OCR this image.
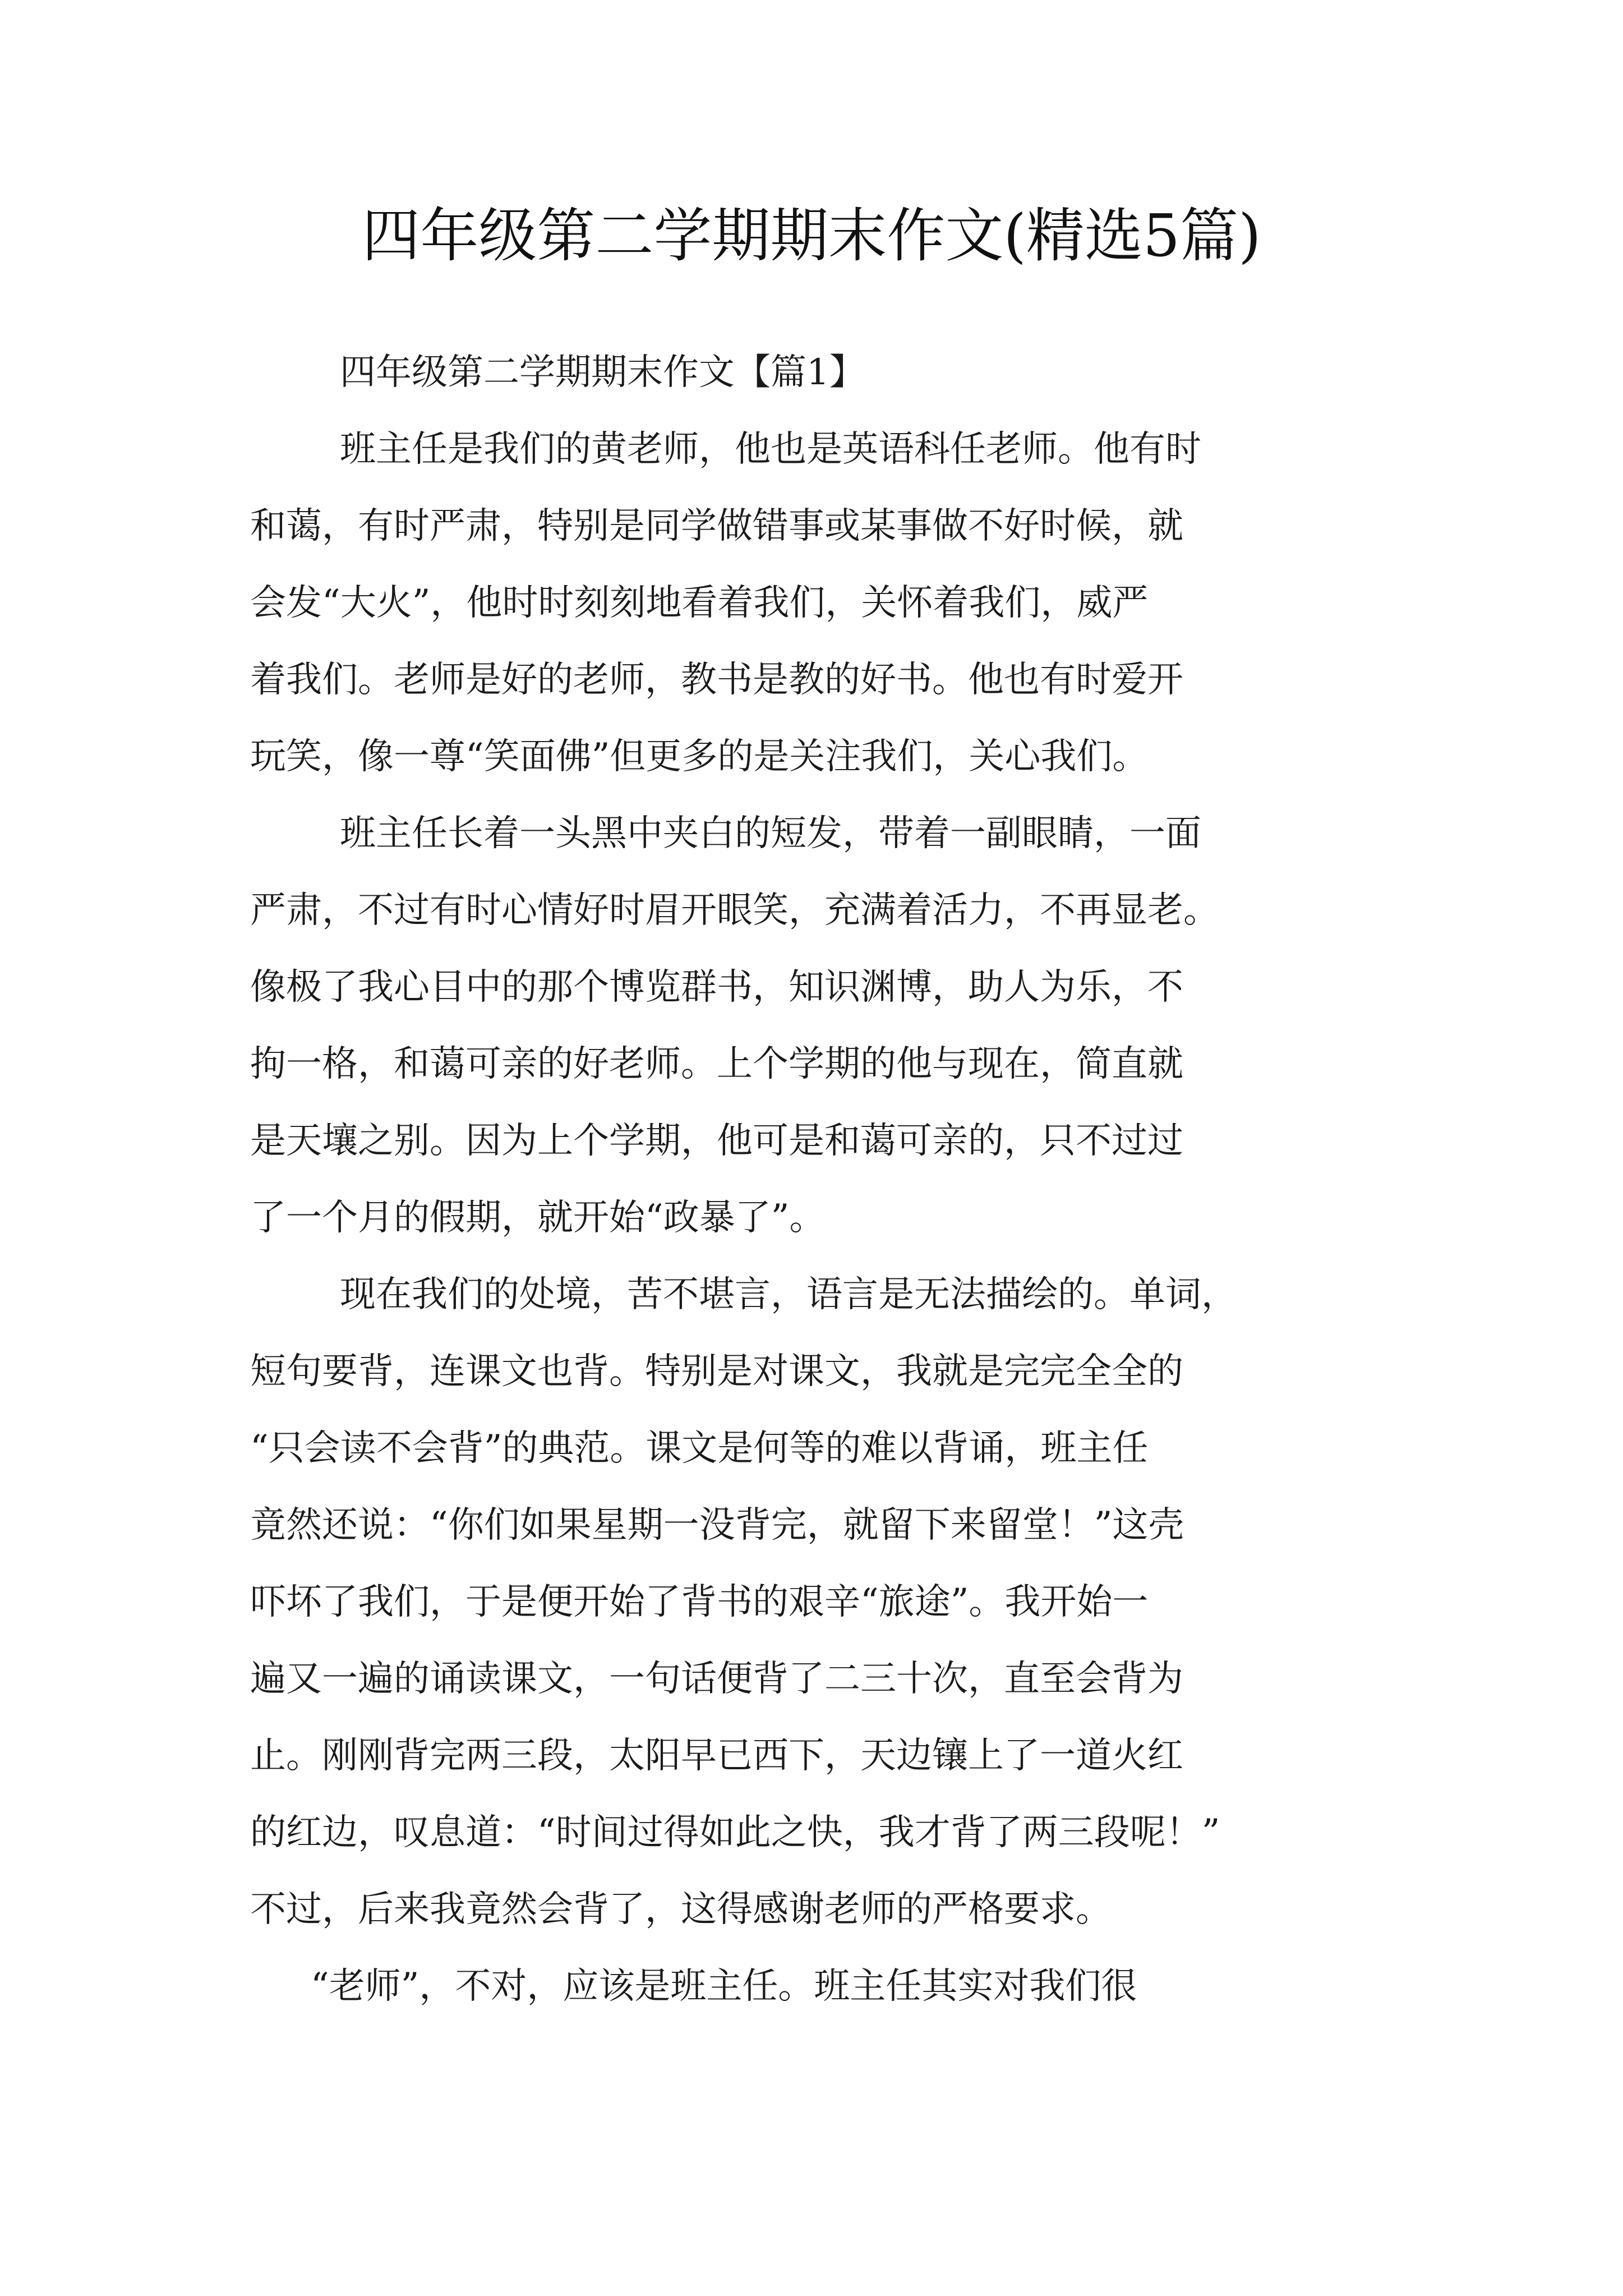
四年级第二学期期末作文(精选5篇)
四年级第二学期期末作文【篇1】
班主任是我们的黄老师，他也是英语科任老师。他有时
和蔼，有时严肃，特别是同学做错事或某事做不好时候，就
会发“大火”，他时时刻刻地看着我们，关怀着我们，威严
着我们。老师是好的老师，教书是教的好书。他也有时爱开
玩笑，像一尊“笑面佛”但更多的是关注我们，关心我们。
班主任长着一头黑中夹白的短发，带着一副眼睛，一面
严肃，不过有时心情好时眉开眼笑，充满着活力，不再显老。
像极了我心目中的那个博览群书，知识渊博，助人为乐，不
拘一格，和蔼可亲的好老师。上个学期的他与现在，简直就
是天壤之别。因为上个学期，他可是和蔼可亲的，只不过过
了一个月的假期，就开始“政暴了”。
现在我们的处境，苦不堪言，语言是无法描绘的。单词，
短句要背，连课文也背。特别是对课文，我就是完完全全的
“只会读不会背”的典范。课文是何等的难以背诵，班主任
竟然还说：“你们如果星期一没背完，就留下来留堂！”这壳
吓坏了我们，于是便开始了背书的艰辛“旅途”。我开始一
遍又一遍的诵读课文，一句话便背了二三十次，直至会背为
止。刚刚背完两三段，太阳早已西下，天边镶上了一道火红
的红边，叹息道：“时间过得如此之快，我才背了两三段呢！”
不过，后来我竟然会背了，这得感谢老师的严格要求。
“老师”，不对，应该是班主任。班主任其实对我们很
